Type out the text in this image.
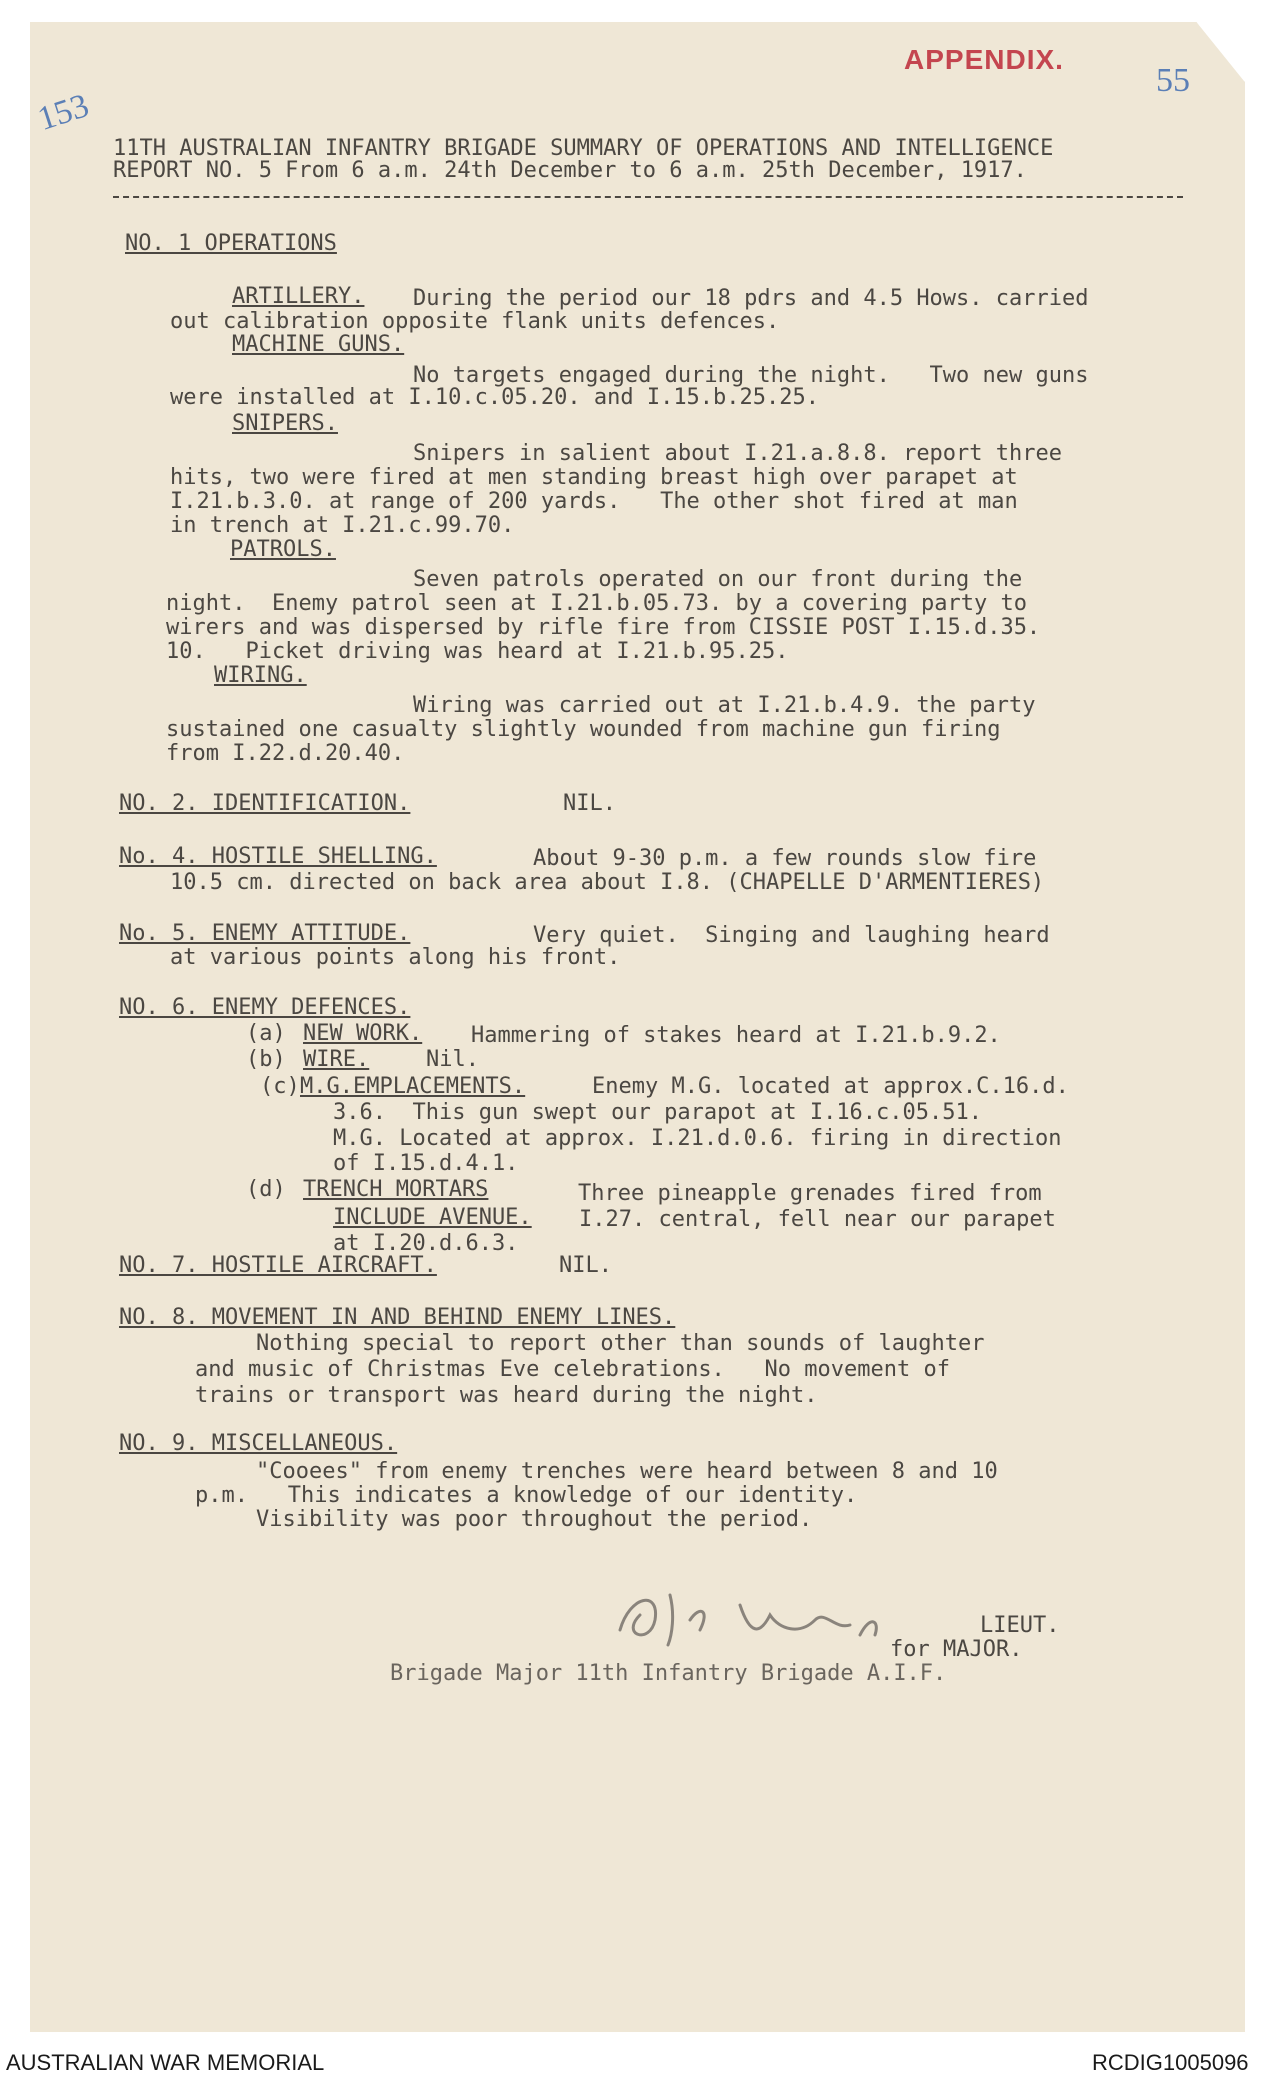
APPENDIX.
55
153
11TH AUSTRALIAN INFANTRY BRIGADE SUMMARY OF OPERATIONS AND INTELLIGENCE
REPORT NO. 5 From 6 a.m. 24th December to 6 a.m. 25th December, 1917.
NO. 1 OPERATIONS
ARTILLERY. During the period our 18 pdrs and 4.5 Hows. carried
out calibration opposite flank units defences.
MACHINE GUNS.
No targets engaged during the night.   Two new guns
were installed at I.10.c.05.20. and I.15.b.25.25.
SNIPERS.
Snipers in salient about I.21.a.8.8. report three
hits, two were fired at men standing breast high over parapet at
I.21.b.3.0. at range of 200 yards.   The other shot fired at man
in trench at I.21.c.99.70.
PATROLS.
Seven patrols operated on our front during the
night.  Enemy patrol seen at I.21.b.05.73. by a covering party to
wirers and was dispersed by rifle fire from CISSIE POST I.15.d.35.
10.   Picket driving was heard at I.21.b.95.25.
WIRING.
Wiring was carried out at I.21.b.4.9. the party
sustained one casualty slightly wounded from machine gun firing
from I.22.d.20.40.
NO. 2. IDENTIFICATION.	NIL.
No. 4. HOSTILE SHELLING.	About 9-30 p.m. a few rounds slow fire
10.5 cm. directed on back area about I.8. (CHAPELLE D'ARMENTIERES)
No. 5. ENEMY ATTITUDE.	Very quiet.  Singing and laughing heard
at various points along his front.
NO. 6. ENEMY DEFENCES.
(a) NEW WORK. Hammering of stakes heard at I.21.b.9.2.
(b) WIRE.	Nil.
(c) M.G.EMPLACEMENTS.	Enemy M.G. located at approx.C.16.d.
3.6.  This gun swept our parapot at I.16.c.05.51.
M.G. Located at approx. I.21.d.0.6. firing in direction
of I.15.d.4.1.
(d) TRENCH MORTARS	Three pineapple grenades fired from
INCLUDE AVENUE. I.27. central, fell near our parapet
at I.20.d.6.3.
NO. 7. HOSTILE AIRCRAFT.	NIL.
NO. 8. MOVEMENT IN AND BEHIND ENEMY LINES.
Nothing special to report other than sounds of laughter
and music of Christmas Eve celebrations.   No movement of
trains or transport was heard during the night.
NO. 9. MISCELLANEOUS.
"Cooees" from enemy trenches were heard between 8 and 10
p.m.   This indicates a knowledge of our identity.
Visibility was poor throughout the period.
LIEUT.
for MAJOR.
Brigade Major 11th Infantry Brigade A.I.F.
AUSTRALIAN WAR MEMORIAL	RCDIG1005096
